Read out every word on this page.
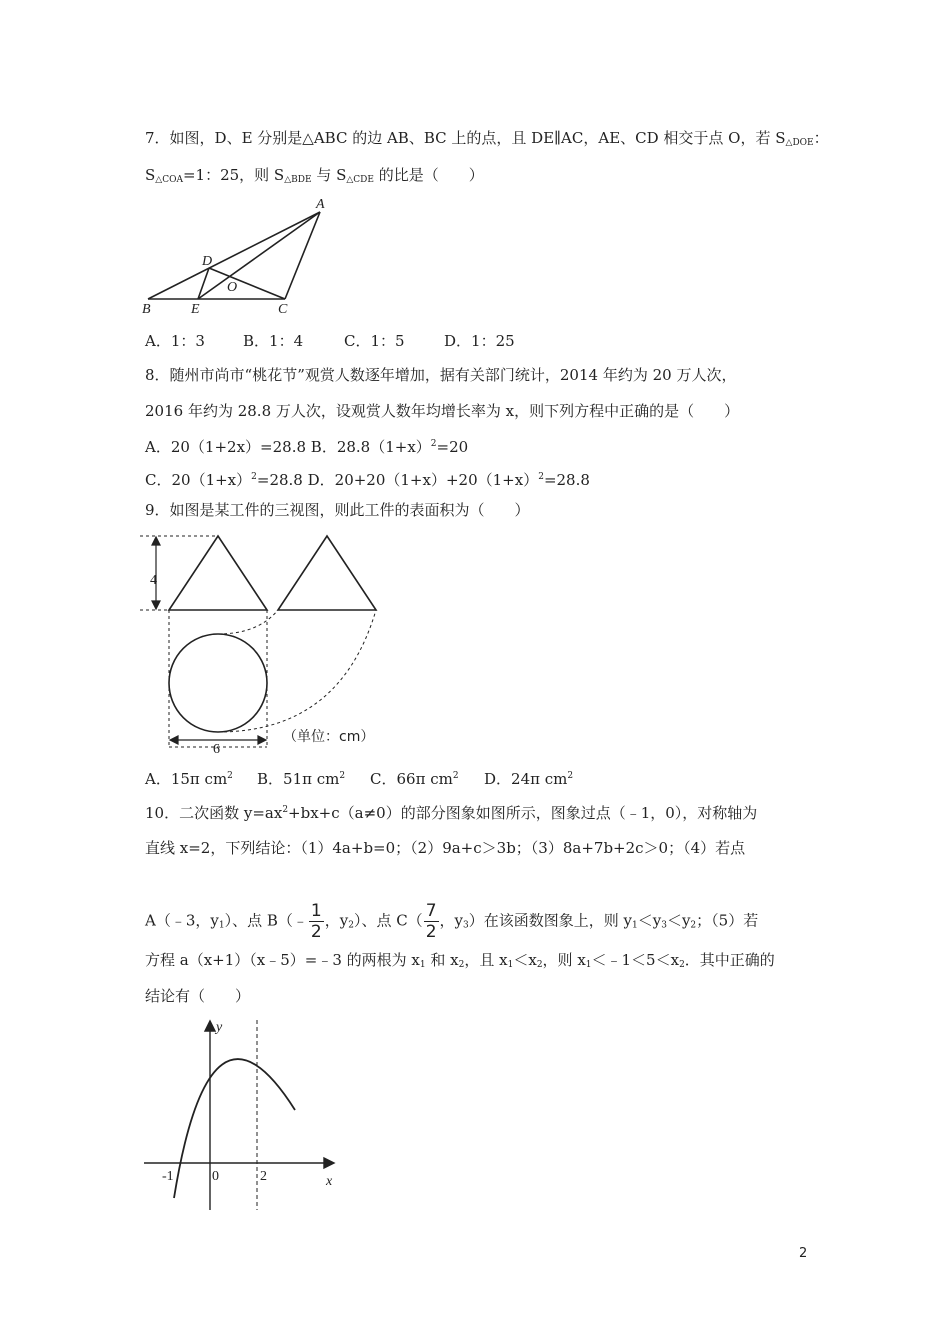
7．如图，D、E 分别是△ABC 的边 AB、BC 上的点，且 DE∥AC，AE、CD 相交于点 O，若 $S_{\triangle DOE}$：
$S_{\triangle COA}=1$：25，则 $S_{\triangle BDE}$ 与 $S_{\triangle CDE}$ 的比是（　　）
A
B	C
D
E
O
A．1：3	B．1：4	C．1：5	D．1：25
8．随州市尚市“桃花节”观赏人数逐年增加，据有关部门统计，2014 年约为 20 万人次，
2016 年约为 28.8 万人次，设观赏人数年均增长率为 x，则下列方程中正确的是（　　）
A．20（1+2x）=28.8 B．$28.8(1+x)^2=20$
C．$20(1+x)^2=28.8$ D．$20+20(1+x)+20(1+x)^2=28.8$
9．如图是某工件的三视图，则此工件的表面积为（　　）
4
6
（单位：cm）
A．15π $cm^2$ B．51π $cm^2$ C．66π $cm^2$ D．24π $cm^2$
10．二次函数 $y=ax^2+bx+c(a\ne 0)$的部分图象如图所示，图象过点（﹣1，0），对称轴为
直线 x=2，下列结论：（1）4a+b=0；（2）9a+c＞3b；（3）8a+7b+2c＞0；（4）若点
A（﹣3，$y_1$）、点 B（﹣ $\frac{1}{2}$ ，$y_2$）、点 $C( \frac{7}{2}$ ，$y_3$）在该函数图象上，则 $y_1<y_3<y_2$；（5）若
方程 a（x+1）（x﹣5）=﹣3 的两根为 $x_1$ 和 $x_2$，且 $x_1<x_2$，则 $x_1<﹣1<5<x_2$．其中正确的
结论有（　　）
y
x
-1	0	2
2
